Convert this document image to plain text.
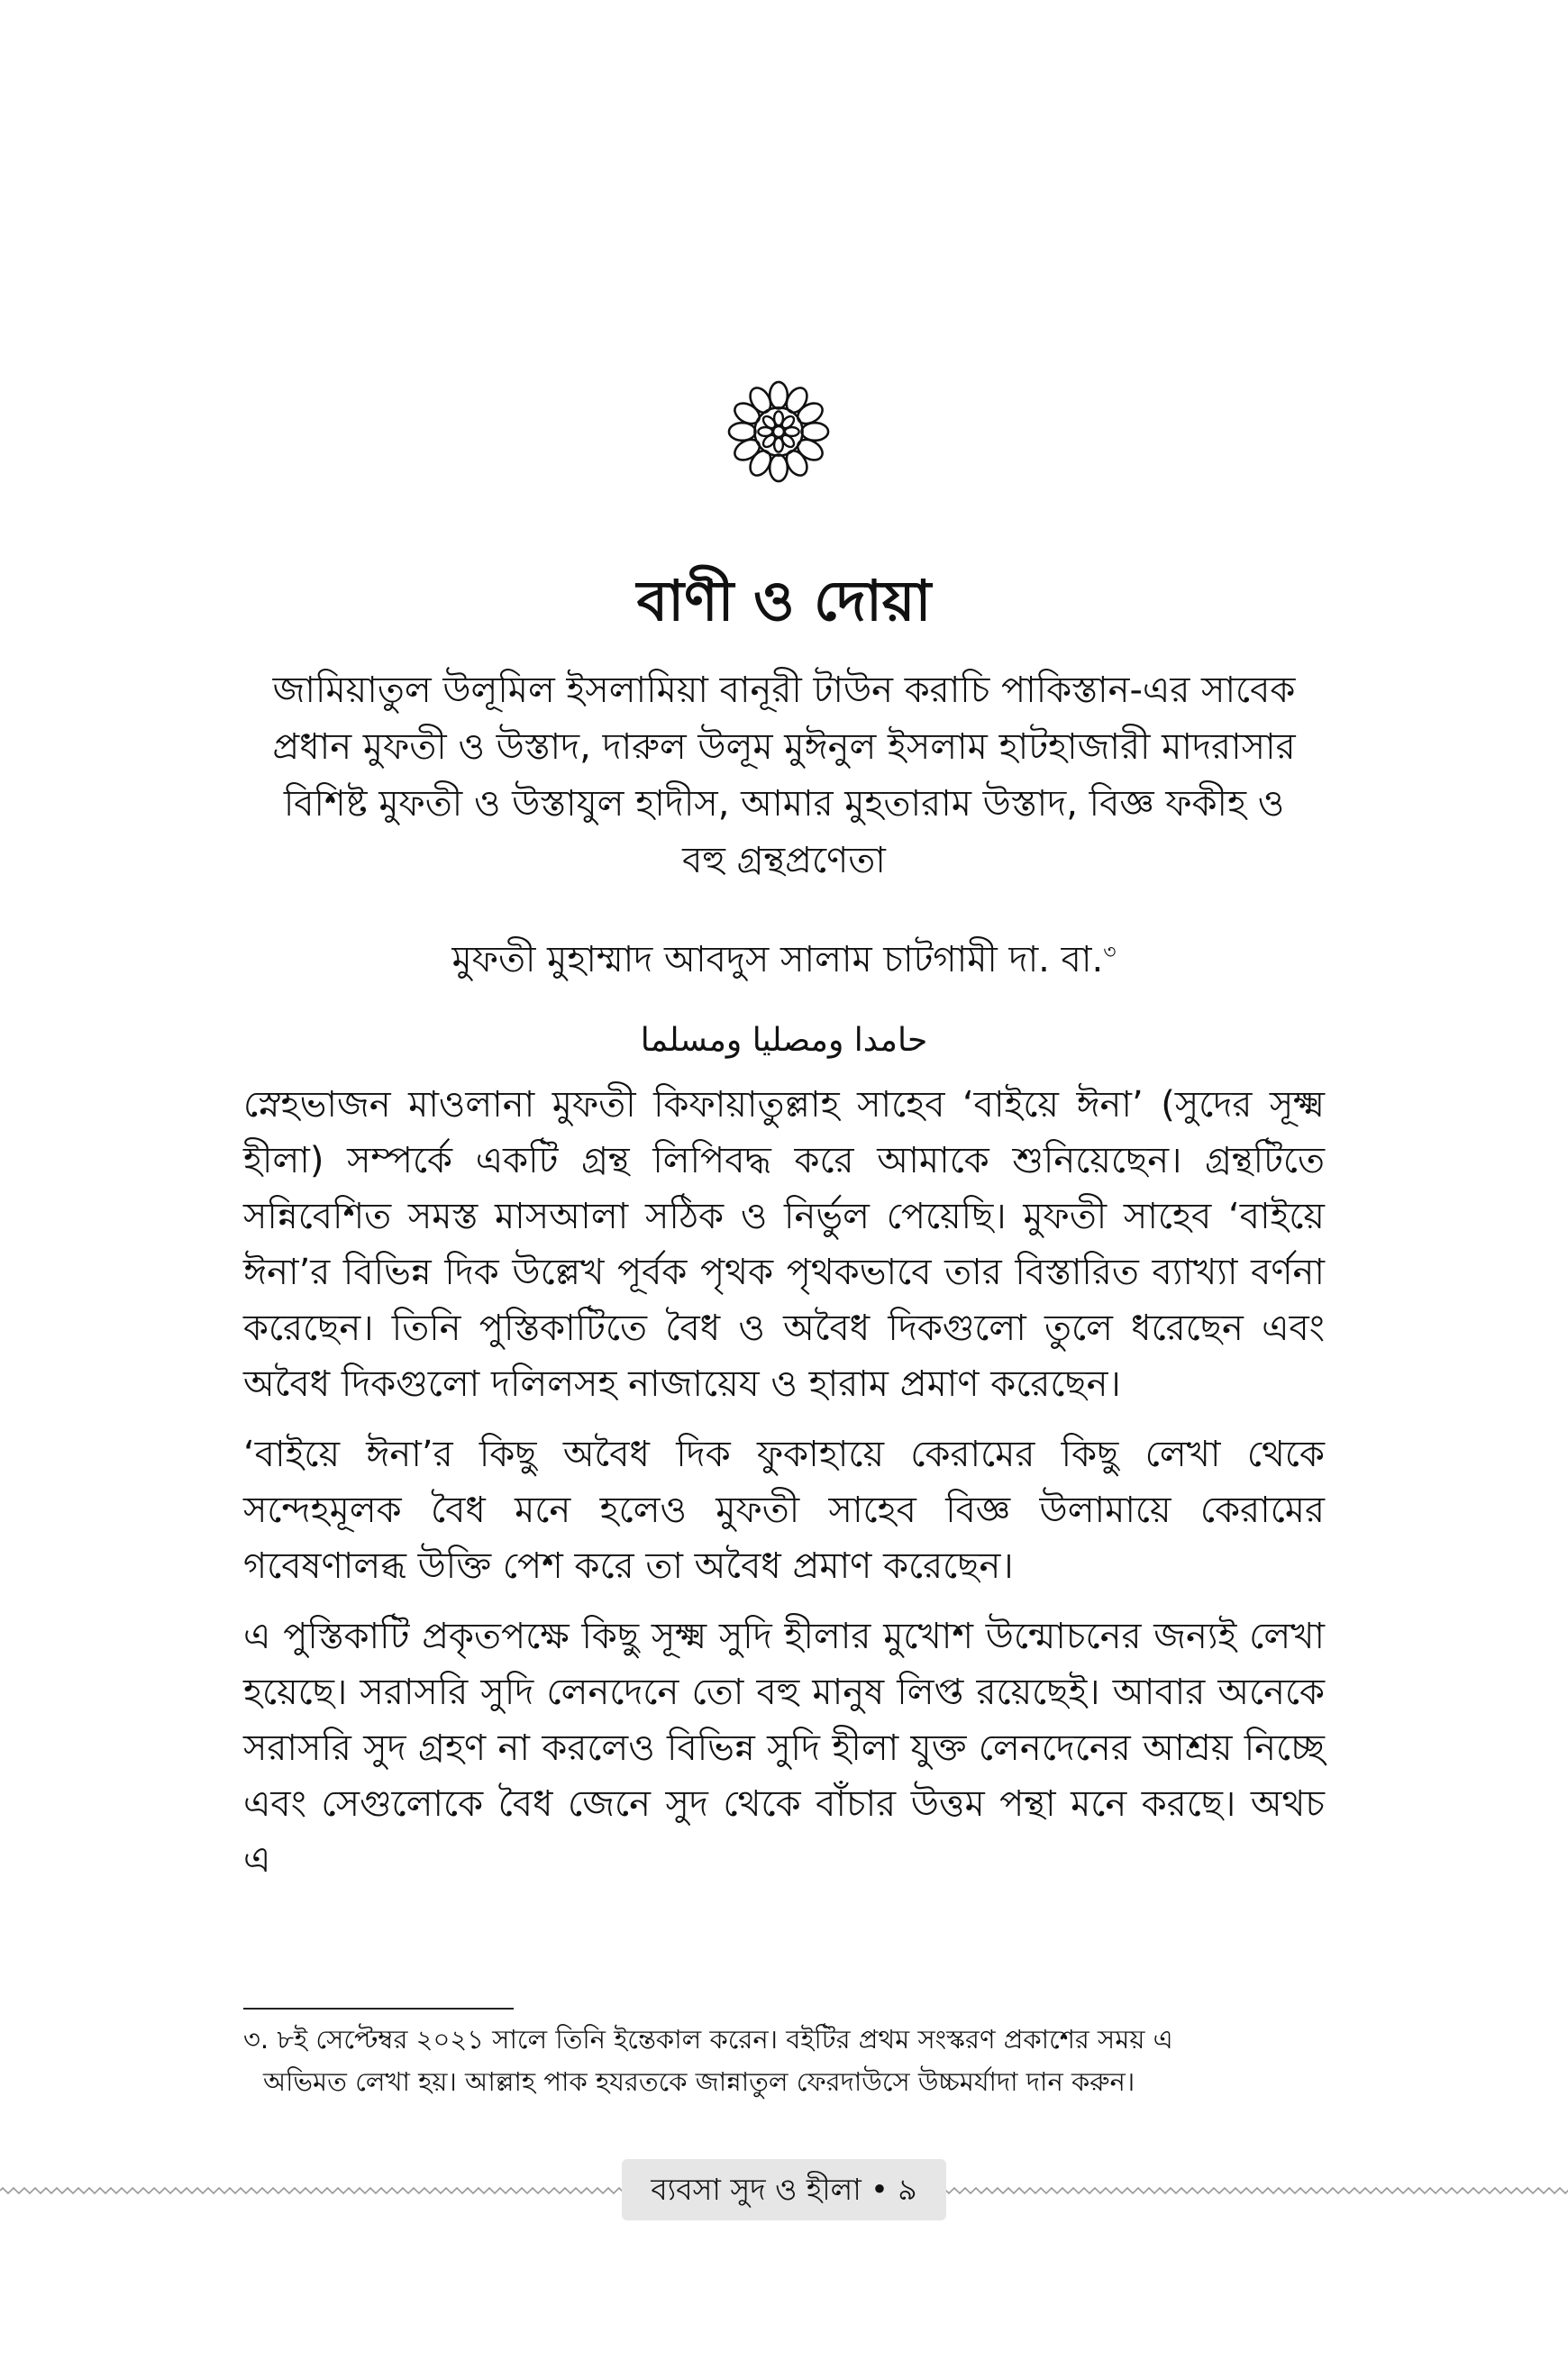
বাণী ও দোয়া
জামিয়াতুল উলূমিল ইসলামিয়া বানূরী টাউন করাচি পাকিস্তান-এর সাবেক
প্রধান মুফতী ও উস্তাদ, দারুল উলূম মুঈনুল ইসলাম হাটহাজারী মাদরাসার
বিশিষ্ট মুফতী ও উস্তাযুল হাদীস, আমার মুহতারাম উস্তাদ, বিজ্ঞ ফকীহ ও
বহু গ্রন্থপ্রণেতা
মুফতী মুহাম্মাদ আবদুস সালাম চাটগামী দা. বা.$^৩$
حامدا ومصليا ومسلما

স্নেহভাজন মাওলানা মুফতী কিফায়াতুল্লাহ সাহেব ‘বাইয়ে ঈনা’ (সুদের সূক্ষ্ম হীলা) সম্পর্কে একটি গ্রন্থ লিপিবদ্ধ করে আমাকে শুনিয়েছেন। গ্রন্থটিতে সন্নিবেশিত সমস্ত মাসআলা সঠিক ও নির্ভুল পেয়েছি। মুফতী সাহেব ‘বাইয়ে ঈনা’র বিভিন্ন দিক উল্লেখ পূর্বক পৃথক পৃথকভাবে তার বিস্তারিত ব্যাখ্যা বর্ণনা করেছেন। তিনি পুস্তিকাটিতে বৈধ ও অবৈধ দিকগুলো তুলে ধরেছেন এবং অবৈধ দিকগুলো দলিলসহ নাজায়েয ও হারাম প্রমাণ করেছেন।

‘বাইয়ে ঈনা’র কিছু অবৈধ দিক ফুকাহায়ে কেরামের কিছু লেখা থেকে সন্দেহমূলক বৈধ মনে হলেও মুফতী সাহেব বিজ্ঞ উলামায়ে কেরামের গবেষণালব্ধ উক্তি পেশ করে তা অবৈধ প্রমাণ করেছেন।

এ পুস্তিকাটি প্রকৃতপক্ষে কিছু সূক্ষ্ম সুদি হীলার মুখোশ উন্মোচনের জন্যই লেখা হয়েছে। সরাসরি সুদি লেনদেনে তো বহু মানুষ লিপ্ত রয়েছেই। আবার অনেকে সরাসরি সুদ গ্রহণ না করলেও বিভিন্ন সুদি হীলা যুক্ত লেনদেনের আশ্রয় নিচ্ছে এবং সেগুলোকে বৈধ জেনে সুদ থেকে বাঁচার উত্তম পন্থা মনে করছে। অথচ এ

৩. ৮ই সেপ্টেম্বর ২০২১ সালে তিনি ইন্তেকাল করেন। বইটির প্রথম সংস্করণ প্রকাশের সময় এ
অভিমত লেখা হয়। আল্লাহ পাক হযরতকে জান্নাতুল ফেরদাউসে উচ্চমর্যাদা দান করুন।
ব্যবসা সুদ ও হীলা • ৯
